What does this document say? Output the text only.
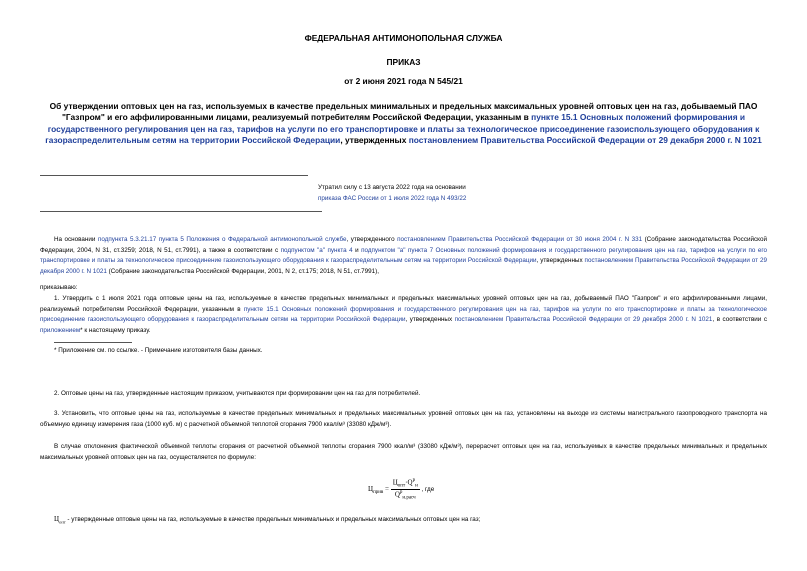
ФЕДЕРАЛЬНАЯ АНТИМОНОПОЛЬНАЯ СЛУЖБА
ПРИКАЗ
от 2 июня 2021 года N 545/21
Об утверждении оптовых цен на газ, используемых в качестве предельных минимальных и предельных максимальных уровней оптовых цен на газ, добываемый ПАО "Газпром" и его аффилированными лицами, реализуемый потребителям Российской Федерации, указанным в пункте 15.1 Основных положений формирования и государственного регулирования цен на газ, тарифов на услуги по его транспортировке и платы за технологическое присоединение газоиспользующего оборудования к газораспределительным сетям на территории Российской Федерации, утвержденных постановлением Правительства Российской Федерации от 29 декабря 2000 г. N 1021
Утратил силу с 13 августа 2022 года на основании
приказа ФАС России от 1 июля 2022 года N 493/22
На основании подпункта 5.3.21.17 пункта 5 Положения о Федеральной антимонопольной службе, утвержденного постановлением Правительства Российской Федерации от 30 июня 2004 г. N 331 (Собрание законодательства Российской Федерации, 2004, N 31, ст.3259; 2018, N 51, ст.7991), а также в соответствии с подпунктом "а" пункта 4 и подпунктом "а" пункта 7 Основных положений формирования и государственного регулирования цен на газ, тарифов на услуги по его транспортировке и платы за технологическое присоединение газоиспользующего оборудования к газораспределительным сетям на территории Российской Федерации, утвержденных постановлением Правительства Российской Федерации от 29 декабря 2000 г. N 1021 (Собрание законодательства Российской Федерации, 2001, N 2, ст.175; 2018, N 51, ст.7991),
приказываю:
1. Утвердить с 1 июля 2021 года оптовые цены на газ, используемые в качестве предельных минимальных и предельных максимальных уровней оптовых цен на газ, добываемый ПАО "Газпром" и его аффилированными лицами, реализуемый потребителям Российской Федерации, указанным в пункте 15.1 Основных положений формирования и государственного регулирования цен на газ, тарифов на услуги по его транспортировке и платы за технологическое присоединение газоиспользующего оборудования к газораспределительным сетям на территории Российской Федерации, утвержденных постановлением Правительства Российской Федерации от 29 декабря 2000 г. N 1021, в соответствии с приложением* к настоящему приказу.
* Приложение см. по ссылке. - Примечание изготовителя базы данных.
2. Оптовые цены на газ, утвержденные настоящим приказом, учитываются при формировании цен на газ для потребителей.
3. Установить, что оптовые цены на газ, используемые в качестве предельных минимальных и предельных максимальных уровней оптовых цен на газ, установлены на выходе из системы магистрального газопроводного транспорта на объемную единицу измерения газа (1000 куб. м) с расчетной объемной теплотой сгорания 7900 ккал/м³ (33080 кДж/м³).
В случае отклонения фактической объемной теплоты сгорания от расчетной объемной теплоты сгорания 7900 ккал/м³ (33080 кДж/м³), перерасчет оптовых цен на газ, используемых в качестве предельных минимальных и предельных максимальных уровней оптовых цен на газ, осуществляется по формуле:
$Ц_{прив} = \frac{Ц_{опт}\cdot Q^р_н}{Q^р_{н.расч}}$ , где
$Ц_{опт}$ - утвержденные оптовые цены на газ, используемые в качестве предельных минимальных и предельных максимальных оптовых цен на газ;
